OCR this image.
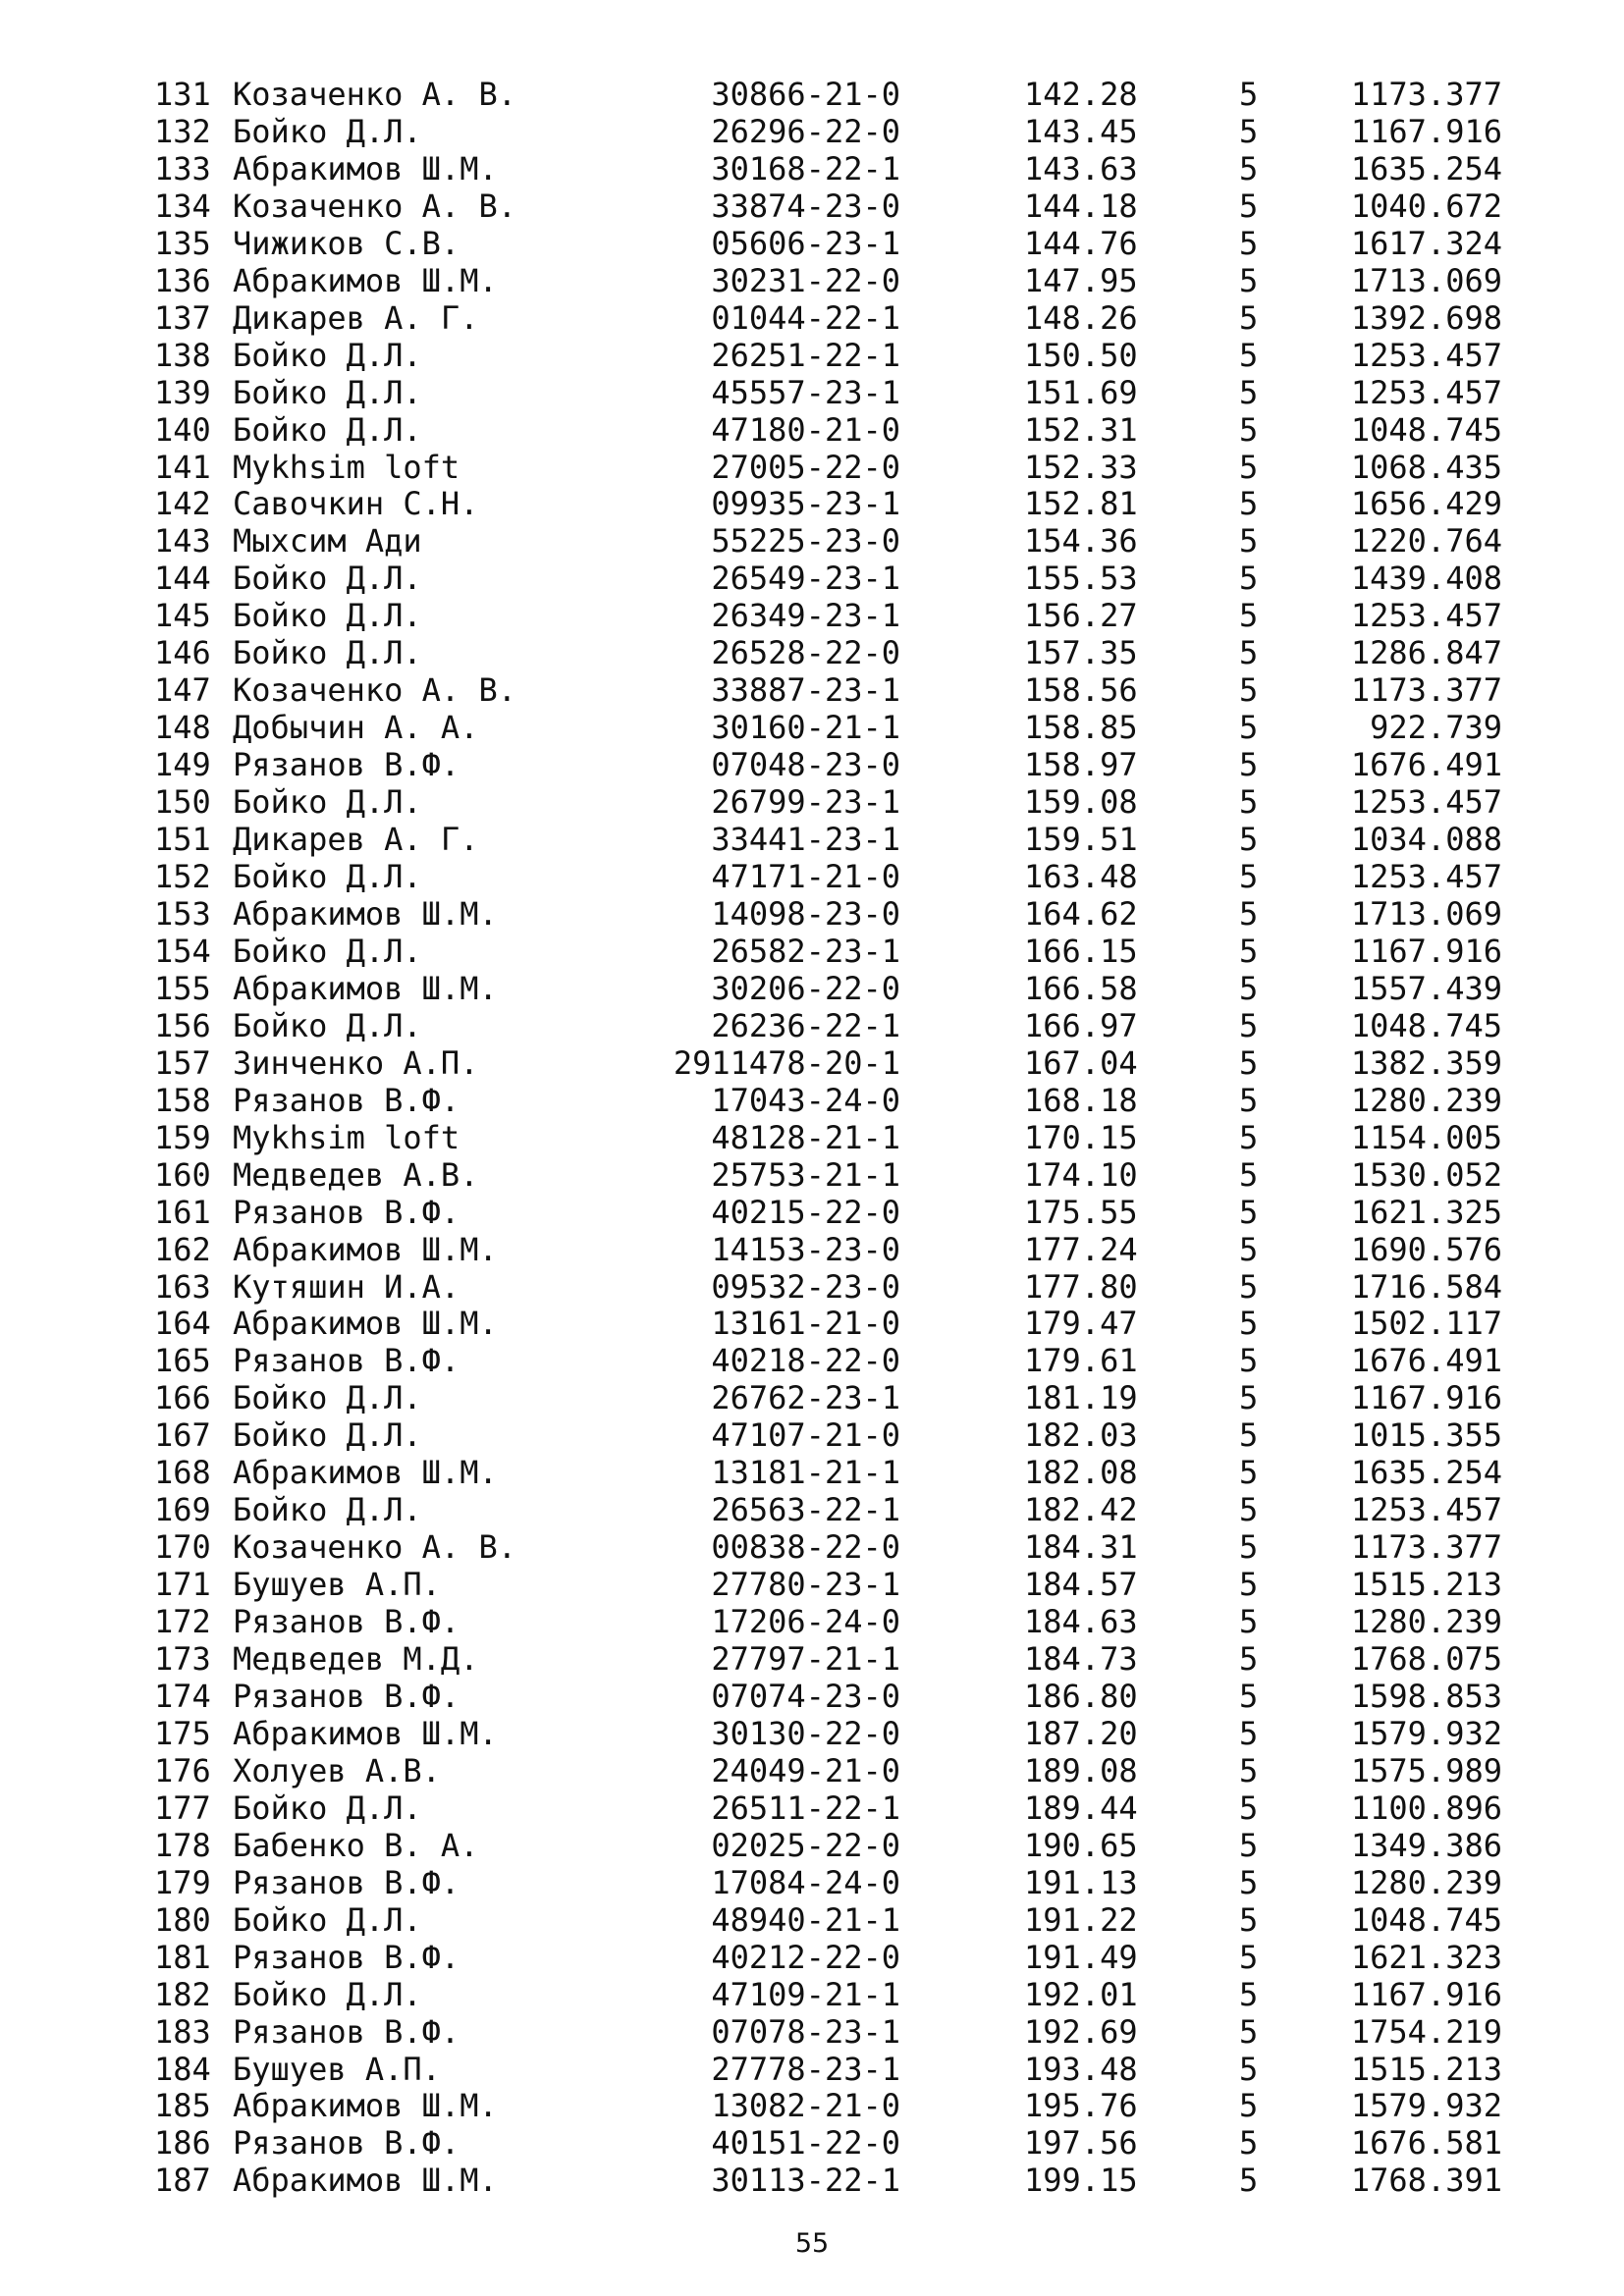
131 Козаченко А. В.	30866-21-0	142.28	5	1173.377
132 Бойко Д.Л.	26296-22-0	143.45	5	1167.916
133 Абракимов Ш.М.	30168-22-1	143.63	5	1635.254
134 Козаченко А. В.	33874-23-0	144.18	5	1040.672
135 Чижиков С.В.	05606-23-1	144.76	5	1617.324
136 Абракимов Ш.М.	30231-22-0	147.95	5	1713.069
137 Дикарев А. Г.	01044-22-1	148.26	5	1392.698
138 Бойко Д.Л.	26251-22-1	150.50	5	1253.457
139 Бойко Д.Л.	45557-23-1	151.69	5	1253.457
140 Бойко Д.Л.	47180-21-0	152.31	5	1048.745
141 Mykhsim loft	27005-22-0	152.33	5	1068.435
142 Савочкин С.Н.	09935-23-1	152.81	5	1656.429
143 Мыхсим Ади	55225-23-0	154.36	5	1220.764
144 Бойко Д.Л.	26549-23-1	155.53	5	1439.408
145 Бойко Д.Л.	26349-23-1	156.27	5	1253.457
146 Бойко Д.Л.	26528-22-0	157.35	5	1286.847
147 Козаченко А. В.	33887-23-1	158.56	5	1173.377
148 Добычин А. А.	30160-21-1	158.85	5	922.739
149 Рязанов В.Ф.	07048-23-0	158.97	5	1676.491
150 Бойко Д.Л.	26799-23-1	159.08	5	1253.457
151 Дикарев А. Г.	33441-23-1	159.51	5	1034.088
152 Бойко Д.Л.	47171-21-0	163.48	5	1253.457
153 Абракимов Ш.М.	14098-23-0	164.62	5	1713.069
154 Бойко Д.Л.	26582-23-1	166.15	5	1167.916
155 Абракимов Ш.М.	30206-22-0	166.58	5	1557.439
156 Бойко Д.Л.	26236-22-1	166.97	5	1048.745
157 Зинченко А.П.	2911478-20-1	167.04	5	1382.359
158 Рязанов В.Ф.	17043-24-0	168.18	5	1280.239
159 Mykhsim loft	48128-21-1	170.15	5	1154.005
160 Медведев А.В.	25753-21-1	174.10	5	1530.052
161 Рязанов В.Ф.	40215-22-0	175.55	5	1621.325
162 Абракимов Ш.М.	14153-23-0	177.24	5	1690.576
163 Кутяшин И.А.	09532-23-0	177.80	5	1716.584
164 Абракимов Ш.М.	13161-21-0	179.47	5	1502.117
165 Рязанов В.Ф.	40218-22-0	179.61	5	1676.491
166 Бойко Д.Л.	26762-23-1	181.19	5	1167.916
167 Бойко Д.Л.	47107-21-0	182.03	5	1015.355
168 Абракимов Ш.М.	13181-21-1	182.08	5	1635.254
169 Бойко Д.Л.	26563-22-1	182.42	5	1253.457
170 Козаченко А. В.	00838-22-0	184.31	5	1173.377
171 Бушуев А.П.	27780-23-1	184.57	5	1515.213
172 Рязанов В.Ф.	17206-24-0	184.63	5	1280.239
173 Медведев М.Д.	27797-21-1	184.73	5	1768.075
174 Рязанов В.Ф.	07074-23-0	186.80	5	1598.853
175 Абракимов Ш.М.	30130-22-0	187.20	5	1579.932
176 Холуев А.В.	24049-21-0	189.08	5	1575.989
177 Бойко Д.Л.	26511-22-1	189.44	5	1100.896
178 Бабенко В. А.	02025-22-0	190.65	5	1349.386
179 Рязанов В.Ф.	17084-24-0	191.13	5	1280.239
180 Бойко Д.Л.	48940-21-1	191.22	5	1048.745
181 Рязанов В.Ф.	40212-22-0	191.49	5	1621.323
182 Бойко Д.Л.	47109-21-1	192.01	5	1167.916
183 Рязанов В.Ф.	07078-23-1	192.69	5	1754.219
184 Бушуев А.П.	27778-23-1	193.48	5	1515.213
185 Абракимов Ш.М.	13082-21-0	195.76	5	1579.932
186 Рязанов В.Ф.	40151-22-0	197.56	5	1676.581
187 Абракимов Ш.М.	30113-22-1	199.15	5	1768.391
55
